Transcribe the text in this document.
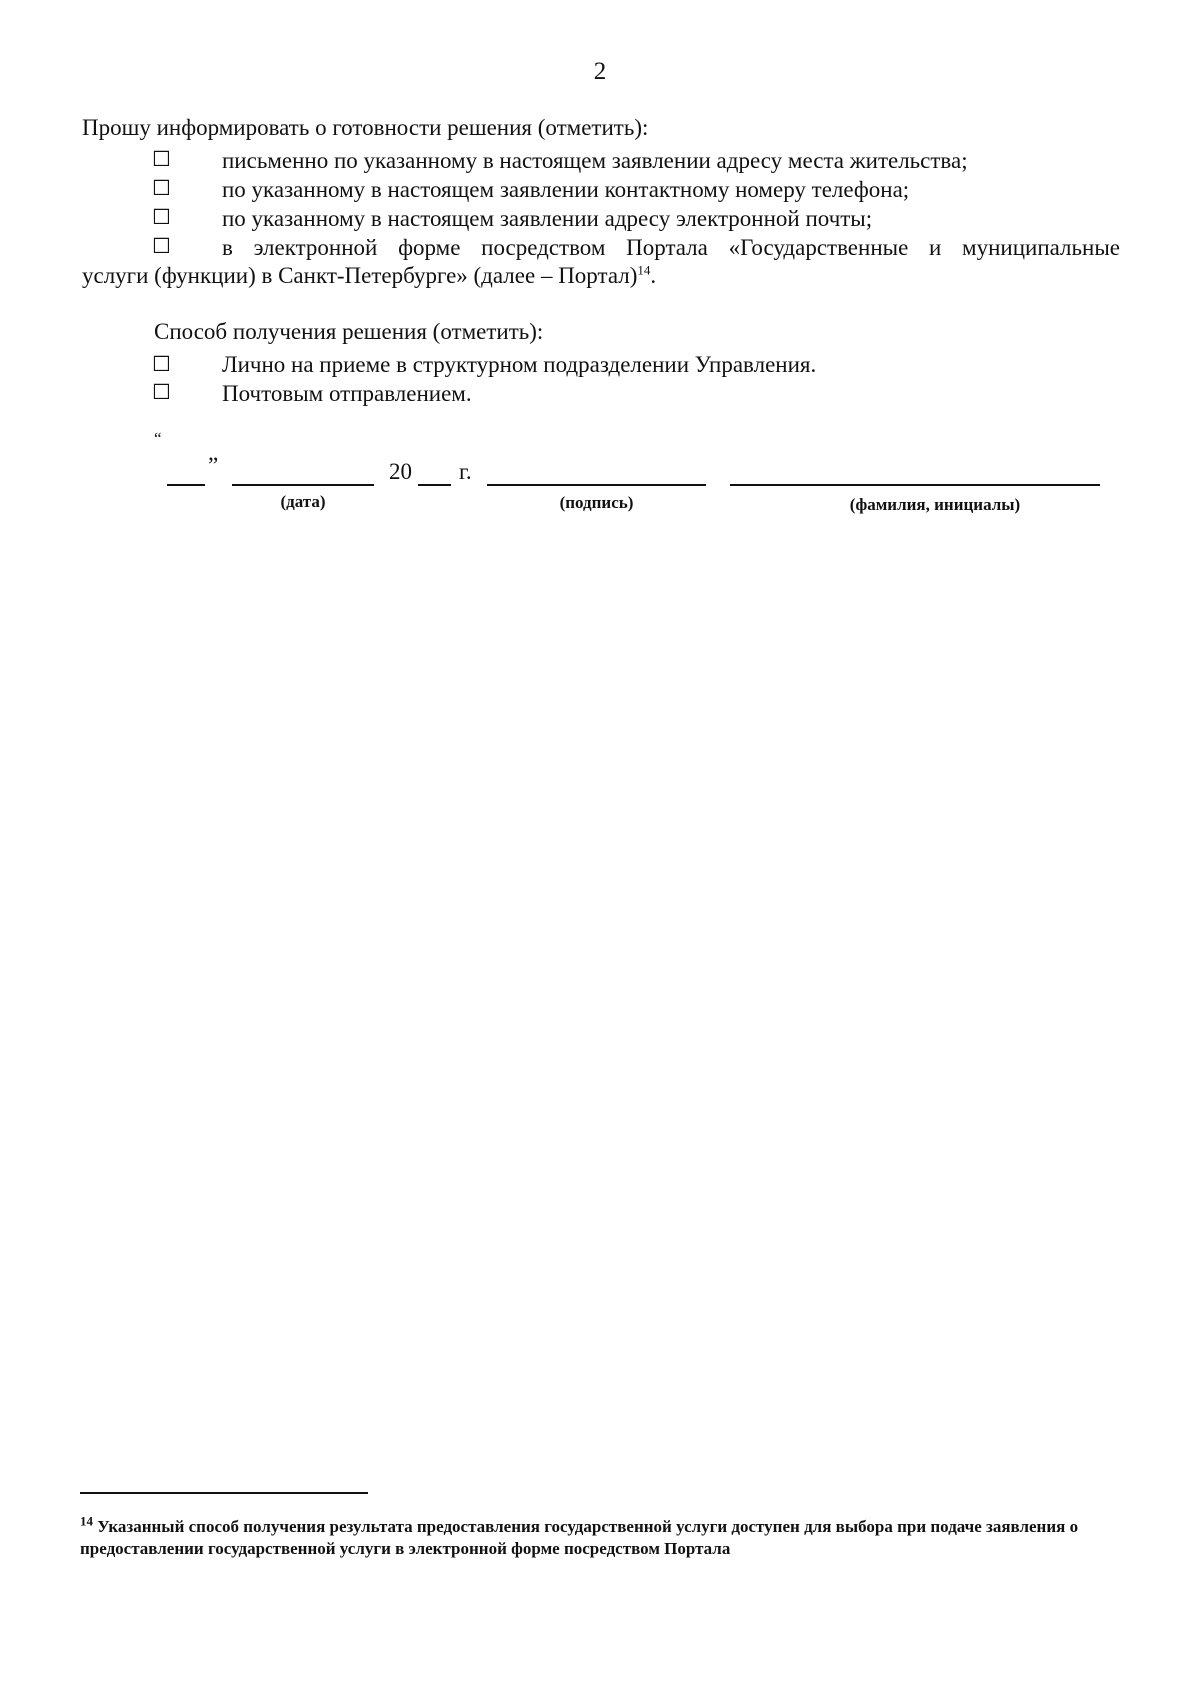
2
Прошу информировать о готовности решения (отметить):
☐ письменно по указанному в настоящем заявлении адресу места жительства;
☐ по указанному в настоящем заявлении контактному номеру телефона;
☐ по указанному в настоящем заявлении адресу электронной почты;
☐ в электронной форме посредством Портала «Государственные и муниципальные
услуги (функции) в Санкт-Петербурге» (далее – Портал)$^{14}$.
Способ получения решения (отметить):
☐ Лично на приеме в структурном подразделении Управления.
☐ Почтовым отправлением.
“
”	20 г.
(дата)	(подпись)	(фамилия, инициалы)
$^{14}$ Указанный способ получения результата предоставления государственной услуги доступен для выбора при подаче заявления о предоставлении государственной услуги в электронной форме посредством Портала
